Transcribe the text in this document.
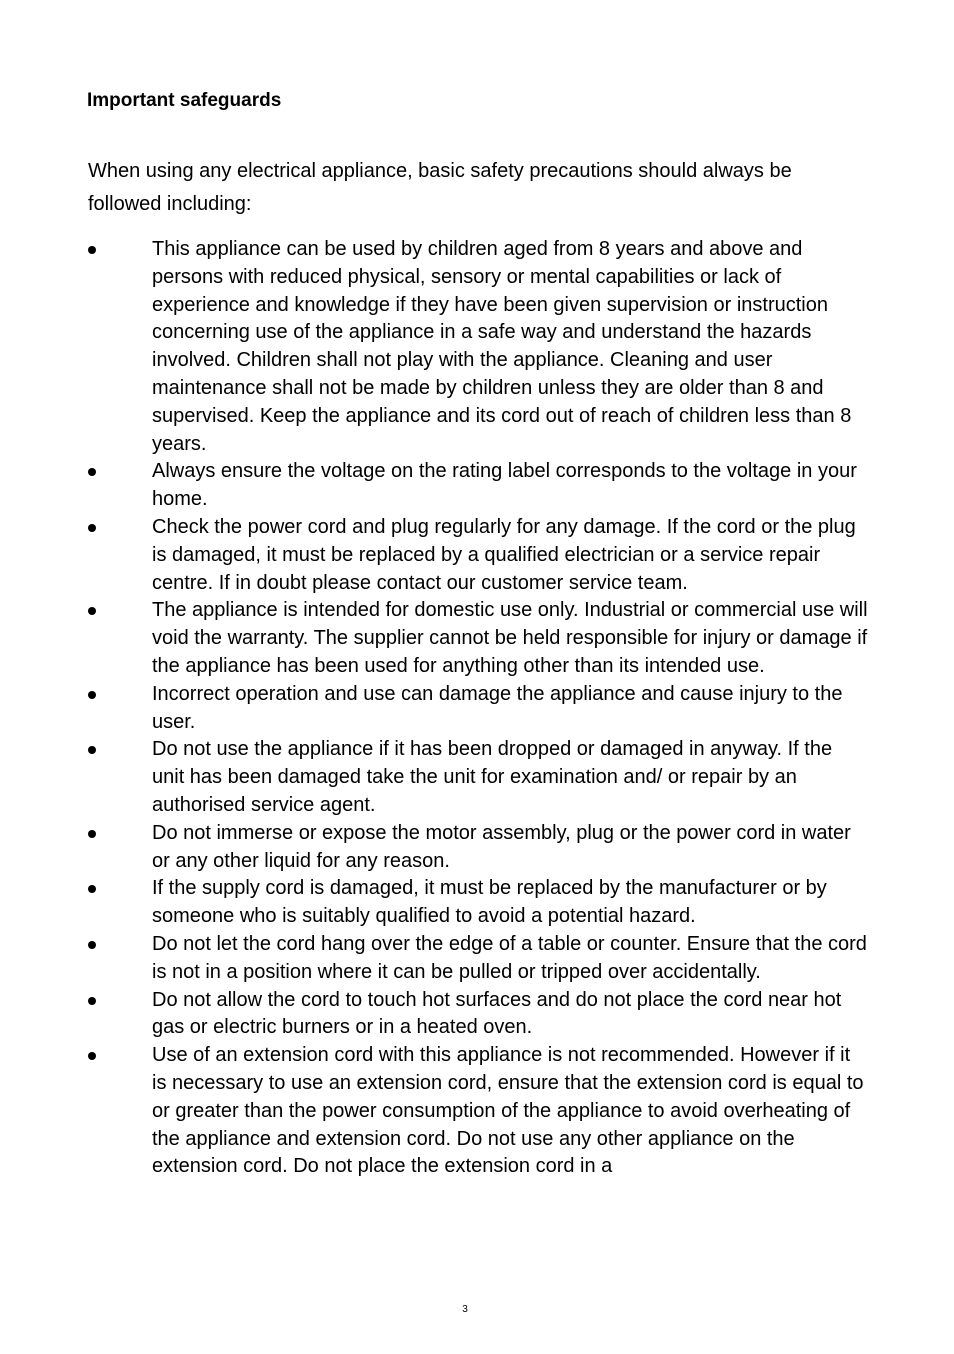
Important safeguards

When using any electrical appliance, basic safety precautions should always be followed including:

This appliance can be used by children aged from 8 years and above and persons with reduced physical, sensory or mental capabilities or lack of experience and knowledge if they have been given supervision or instruction concerning use of the appliance in a safe way and understand the hazards involved. Children shall not play with the appliance. Cleaning and user maintenance shall not be made by children unless they are older than 8 and supervised. Keep the appliance and its cord out of reach of children less than 8 years.
Always ensure the voltage on the rating label corresponds to the voltage in your home.
Check the power cord and plug regularly for any damage. If the cord or the plug is damaged, it must be replaced by a qualified electrician or a service repair centre. If in doubt please contact our customer service team.
The appliance is intended for domestic use only. Industrial or commercial use will void the warranty. The supplier cannot be held responsible for injury or damage if the appliance has been used for anything other than its intended use.
Incorrect operation and use can damage the appliance and cause injury to the user.
Do not use the appliance if it has been dropped or damaged in anyway. If the unit has been damaged take the unit for examination and/ or repair by an authorised service agent.
Do not immerse or expose the motor assembly, plug or the power cord in water or any other liquid for any reason.
If the supply cord is damaged, it must be replaced by the manufacturer or by someone who is suitably qualified to avoid a potential hazard.
Do not let the cord hang over the edge of a table or counter. Ensure that the cord is not in a position where it can be pulled or tripped over accidentally.
Do not allow the cord to touch hot surfaces and do not place the cord near hot gas or electric burners or in a heated oven.
Use of an extension cord with this appliance is not recommended. However if it is necessary to use an extension cord, ensure that the extension cord is equal to or greater than the power consumption of the appliance to avoid overheating of the appliance and extension cord. Do not use any other appliance on the extension cord. Do not place the extension cord in a
3
